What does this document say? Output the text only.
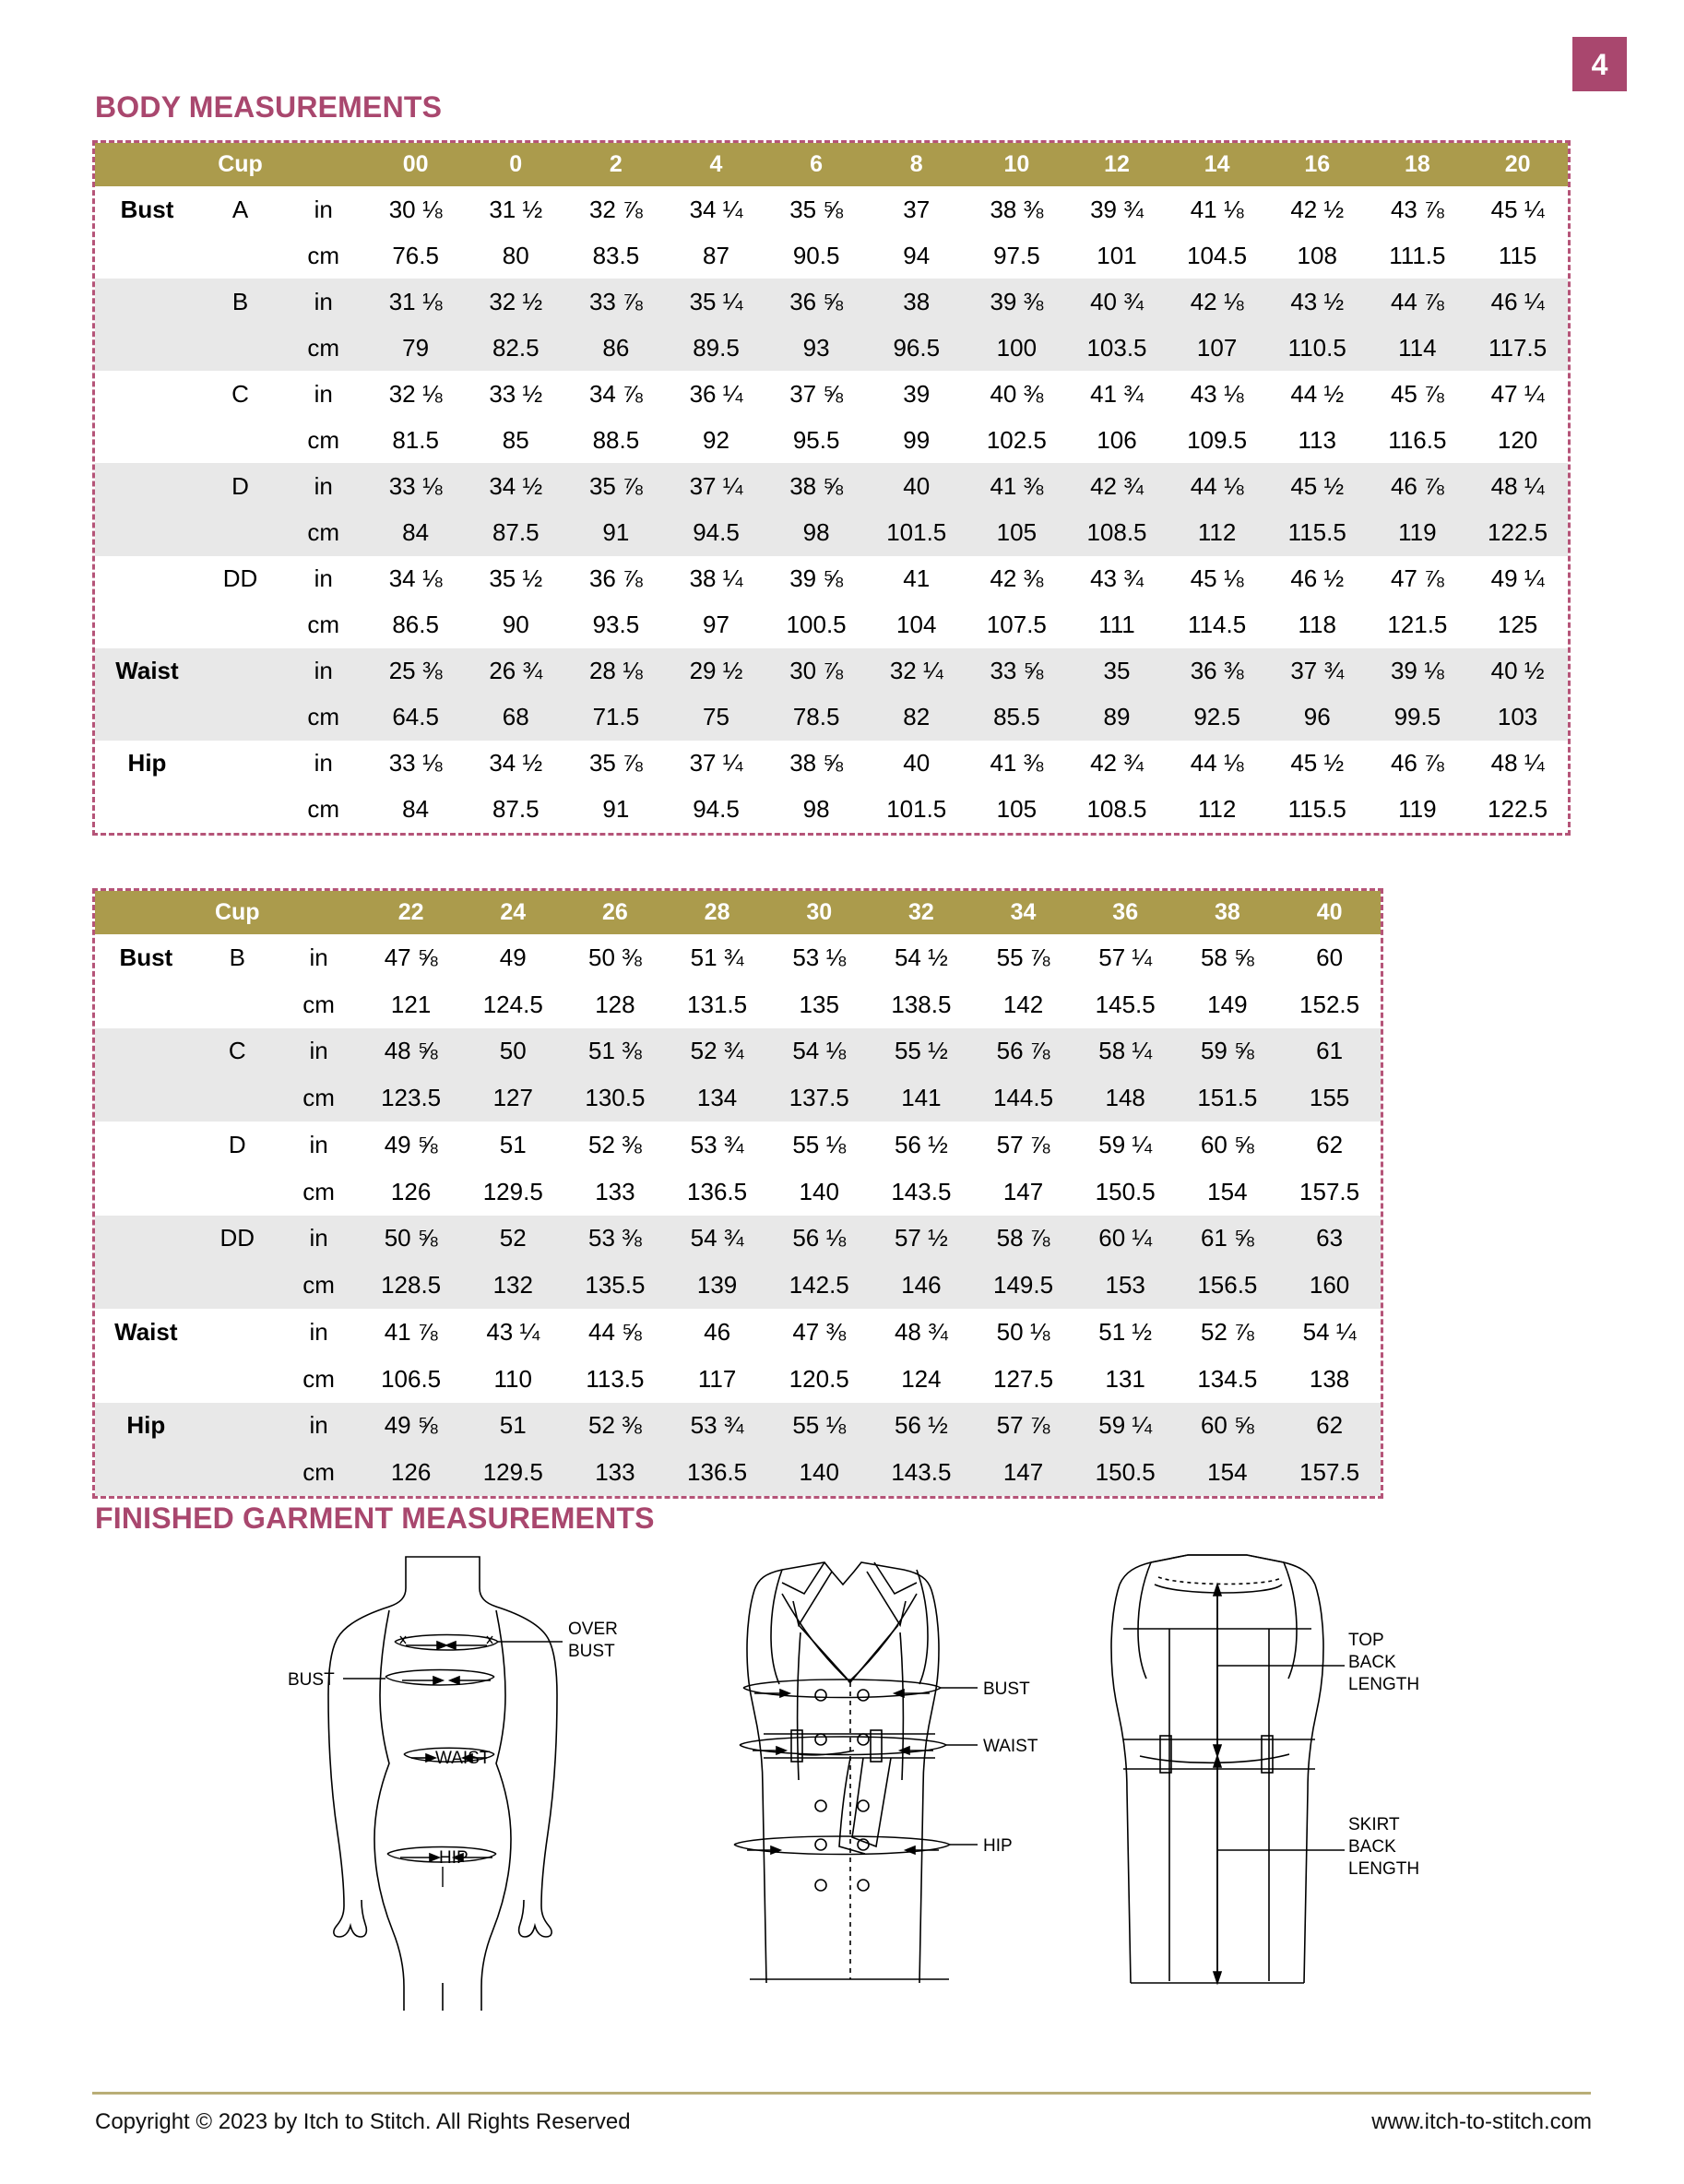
4
BODY MEASUREMENTS
	Cup		00	0	2	4	6	8	10	12	14	16	18	20
Bust	A	in	30 ⅛	31 ½	32 ⅞	34 ¼	35 ⅝	37	38 ⅜	39 ¾	41 ⅛	42 ½	43 ⅞	45 ¼
		cm	76.5	80	83.5	87	90.5	94	97.5	101	104.5	108	111.5	115
	B	in	31 ⅛	32 ½	33 ⅞	35 ¼	36 ⅝	38	39 ⅜	40 ¾	42 ⅛	43 ½	44 ⅞	46 ¼
		cm	79	82.5	86	89.5	93	96.5	100	103.5	107	110.5	114	117.5
	C	in	32 ⅛	33 ½	34 ⅞	36 ¼	37 ⅝	39	40 ⅜	41 ¾	43 ⅛	44 ½	45 ⅞	47 ¼
		cm	81.5	85	88.5	92	95.5	99	102.5	106	109.5	113	116.5	120
	D	in	33 ⅛	34 ½	35 ⅞	37 ¼	38 ⅝	40	41 ⅜	42 ¾	44 ⅛	45 ½	46 ⅞	48 ¼
		cm	84	87.5	91	94.5	98	101.5	105	108.5	112	115.5	119	122.5
	DD	in	34 ⅛	35 ½	36 ⅞	38 ¼	39 ⅝	41	42 ⅜	43 ¾	45 ⅛	46 ½	47 ⅞	49 ¼
		cm	86.5	90	93.5	97	100.5	104	107.5	111	114.5	118	121.5	125
Waist		in	25 ⅜	26 ¾	28 ⅛	29 ½	30 ⅞	32 ¼	33 ⅝	35	36 ⅜	37 ¾	39 ⅛	40 ½
		cm	64.5	68	71.5	75	78.5	82	85.5	89	92.5	96	99.5	103
Hip		in	33 ⅛	34 ½	35 ⅞	37 ¼	38 ⅝	40	41 ⅜	42 ¾	44 ⅛	45 ½	46 ⅞	48 ¼
		cm	84	87.5	91	94.5	98	101.5	105	108.5	112	115.5	119	122.5
	Cup		22	24	26	28	30	32	34	36	38	40
Bust	B	in	47 ⅝	49	50 ⅜	51 ¾	53 ⅛	54 ½	55 ⅞	57 ¼	58 ⅝	60
		cm	121	124.5	128	131.5	135	138.5	142	145.5	149	152.5
	C	in	48 ⅝	50	51 ⅜	52 ¾	54 ⅛	55 ½	56 ⅞	58 ¼	59 ⅝	61
		cm	123.5	127	130.5	134	137.5	141	144.5	148	151.5	155
	D	in	49 ⅝	51	52 ⅜	53 ¾	55 ⅛	56 ½	57 ⅞	59 ¼	60 ⅝	62
		cm	126	129.5	133	136.5	140	143.5	147	150.5	154	157.5
	DD	in	50 ⅝	52	53 ⅜	54 ¾	56 ⅛	57 ½	58 ⅞	60 ¼	61 ⅝	63
		cm	128.5	132	135.5	139	142.5	146	149.5	153	156.5	160
Waist		in	41 ⅞	43 ¼	44 ⅝	46	47 ⅜	48 ¾	50 ⅛	51 ½	52 ⅞	54 ¼
		cm	106.5	110	113.5	117	120.5	124	127.5	131	134.5	138
Hip		in	49 ⅝	51	52 ⅜	53 ¾	55 ⅛	56 ½	57 ⅞	59 ¼	60 ⅝	62
		cm	126	129.5	133	136.5	140	143.5	147	150.5	154	157.5
FINISHED GARMENT MEASUREMENTS
BUST
OVER
BUST
WAIST
HIP
BUST
WAIST
HIP
TOP
BACK
LENGTH
SKIRT
BACK
LENGTH
Copyright © 2023 by Itch to Stitch. All Rights Reserved	www.itch-to-stitch.com
